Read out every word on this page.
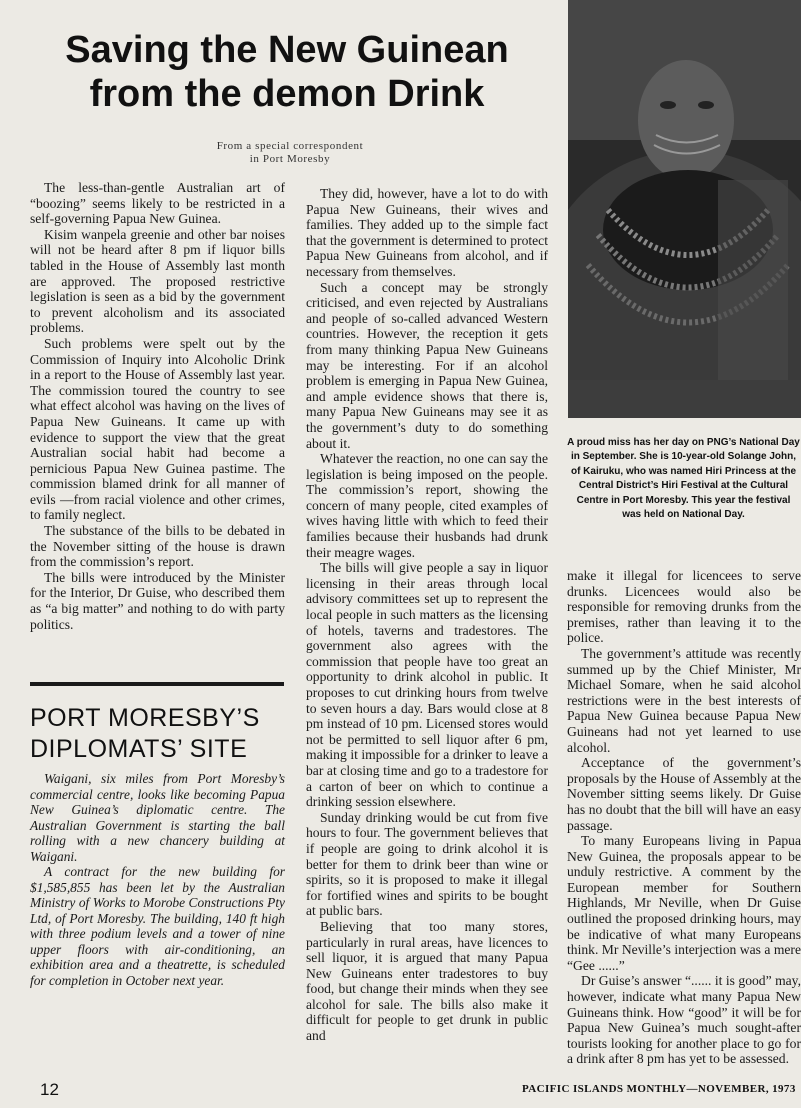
Saving the New Guinean from the demon Drink
From a special correspondent
in Port Moresby

The less-than-gentle Australian art of “boozing” seems likely to be restricted in a self-governing Papua New Guinea.

Kisim wanpela greenie and other bar noises will not be heard after 8 pm if liquor bills tabled in the House of Assembly last month are approved. The proposed restrictive legislation is seen as a bid by the government to prevent alcoholism and its associated problems.

Such problems were spelt out by the Commission of Inquiry into Alcoholic Drink in a report to the House of Assembly last year. The commission toured the country to see what effect alcohol was having on the lives of Papua New Guineans. It came up with evidence to support the view that the great Australian social habit had become a pernicious Papua New Guinea pastime. The commission blamed drink for all manner of evils —from racial violence and other crimes, to family neglect.

The substance of the bills to be debated in the November sitting of the house is drawn from the commission’s report.

The bills were introduced by the Minister for the Interior, Dr Guise, who described them as “a big matter” and nothing to do with party politics.

PORT MORESBY’S
DIPLOMATS’ SITE

Waigani, six miles from Port Moresby’s commercial centre, looks like becoming Papua New Guinea’s diplomatic centre. The Australian Government is starting the ball rolling with a new chancery building at Waigani.

A contract for the new building for $1,585,855 has been let by the Australian Ministry of Works to Morobe Constructions Pty Ltd, of Port Moresby. The building, 140 ft high with three podium levels and a tower of nine upper floors with air-conditioning, an exhibition area and a theatrette, is scheduled for completion in October next year.

They did, however, have a lot to do with Papua New Guineans, their wives and families. They added up to the simple fact that the government is determined to protect Papua New Guineans from alcohol, and if necessary from themselves.

Such a concept may be strongly criticised, and even rejected by Australians and people of so-called advanced Western countries. However, the reception it gets from many thinking Papua New Guineans may be interesting. For if an alcohol problem is emerging in Papua New Guinea, and ample evidence shows that there is, many Papua New Guineans may see it as the government’s duty to do something about it.

Whatever the reaction, no one can say the legislation is being imposed on the people. The commission’s report, showing the concern of many people, cited examples of wives having little with which to feed their families because their husbands had drunk their meagre wages.

The bills will give people a say in liquor licensing in their areas through local advisory committees set up to represent the local people in such matters as the licensing of hotels, taverns and tradestores. The government also agrees with the commission that people have too great an opportunity to drink alcohol in public. It proposes to cut drinking hours from twelve to seven hours a day. Bars would close at 8 pm instead of 10 pm. Licensed stores would not be permitted to sell liquor after 6 pm, making it impossible for a drinker to leave a bar at closing time and go to a tradestore for a carton of beer on which to continue a drinking session elsewhere.

Sunday drinking would be cut from five hours to four. The government believes that if people are going to drink alcohol it is better for them to drink beer than wine or spirits, so it is proposed to make it illegal for fortified wines and spirits to be bought at public bars.

Believing that too many stores, particularly in rural areas, have licences to sell liquor, it is argued that many Papua New Guineans enter tradestores to buy food, but change their minds when they see alcohol for sale. The bills also make it difficult for people to get drunk in public and

A proud miss has her day on PNG’s National Day in September. She is 10-year-old Solange John, of Kairuku, who was named Hiri Princess at the Central District’s Hiri Festival at the Cultural Centre in Port Moresby. This year the festival was held on National Day.

make it illegal for licencees to serve drunks. Licencees would also be responsible for removing drunks from the premises, rather than leaving it to the police.

The government’s attitude was recently summed up by the Chief Minister, Mr Michael Somare, when he said alcohol restrictions were in the best interests of Papua New Guinea because Papua New Guineans had not yet learned to use alcohol.

Acceptance of the government’s proposals by the House of Assembly at the November sitting seems likely. Dr Guise has no doubt that the bill will have an easy passage.

To many Europeans living in Papua New Guinea, the proposals appear to be unduly restrictive. A comment by the European member for Southern Highlands, Mr Neville, when Dr Guise outlined the proposed drinking hours, may be indicative of what many Europeans think. Mr Neville’s interjection was a mere “Gee ......”

Dr Guise’s answer “...... it is good” may, however, indicate what many Papua New Guineans think. How “good” it will be for Papua New Guinea’s much sought-after tourists looking for another place to go for a drink after 8 pm has yet to be assessed.

12	PACIFIC ISLANDS MONTHLY—NOVEMBER, 1973
